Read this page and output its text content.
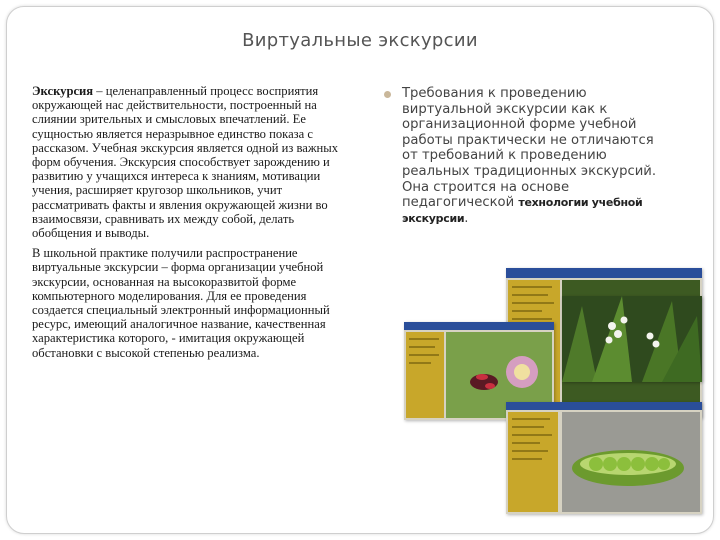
Виртуальные экскурсии

Экскурсия – целенаправленный процесс восприятия окружающей нас действительности, построенный на слиянии зрительных и смысловых впечатлений. Ее сущностью является неразрывное единство показа с рассказом. Учебная экскурсия является одной из важных форм обучения. Экскурсия способствует зарождению и развитию у учащихся интереса к знаниям, мотивации учения, расширяет кругозор школьников, учит рассматривать факты и явления окружающей жизни во взаимосвязи, сравнивать их между собой, делать обобщения и выводы.

В школьной практике получили распространение виртуальные экскурсии – форма организации учебной экскурсии, основанная на высокоразвитой форме компьютерного моделирования. Для ее проведения создается специальный электронный информационный ресурс, имеющий аналогичное название, качественная характеристика которого, - имитация окружающей обстановки с высокой степенью реализма.

Требования к проведению виртуальной экскурсии как к организационной форме учебной работы практически не отличаются от требований к проведению реальных традиционных экскурсий. Она строится на основе педагогической технологии учебной экскурсии.
